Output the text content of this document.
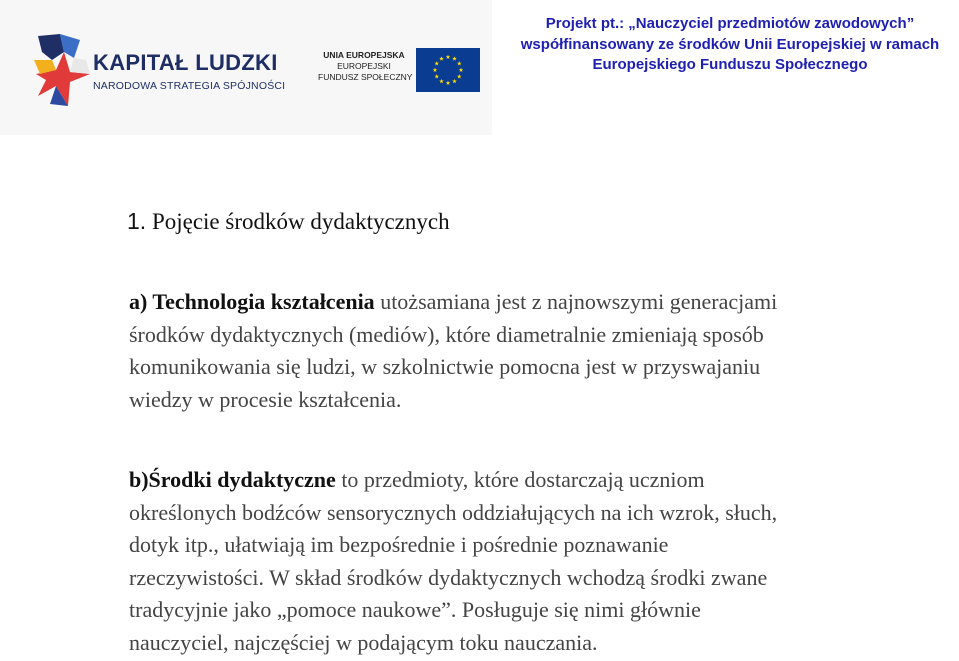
KAPITAŁ LUDZKI
NARODOWA STRATEGIA SPÓJNOŚCI
UNIA EUROPEJSKA
EUROPEJSKI
FUNDUSZ SPOŁECZNY
Projekt pt.: „Nauczyciel przedmiotów zawodowych”
współfinansowany ze środków Unii Europejskiej w ramach
Europejskiego Funduszu Społecznego
1. Pojęcie środków dydaktycznych
a) Technologia kształcenia utożsamiana jest z najnowszymi generacjami
środków dydaktycznych (mediów), które diametralnie zmieniają sposób
komunikowania się ludzi, w szkolnictwie pomocna jest w przyswajaniu
wiedzy w procesie kształcenia.
b)Środki dydaktyczne to przedmioty, które dostarczają uczniom
określonych bodźców sensorycznych oddziałujących na ich wzrok, słuch,
dotyk itp., ułatwiają im bezpośrednie i pośrednie poznawanie
rzeczywistości. W skład środków dydaktycznych wchodzą środki zwane
tradycyjnie jako „pomoce naukowe”. Posługuje się nimi głównie
nauczyciel, najczęściej w podającym toku nauczania.
